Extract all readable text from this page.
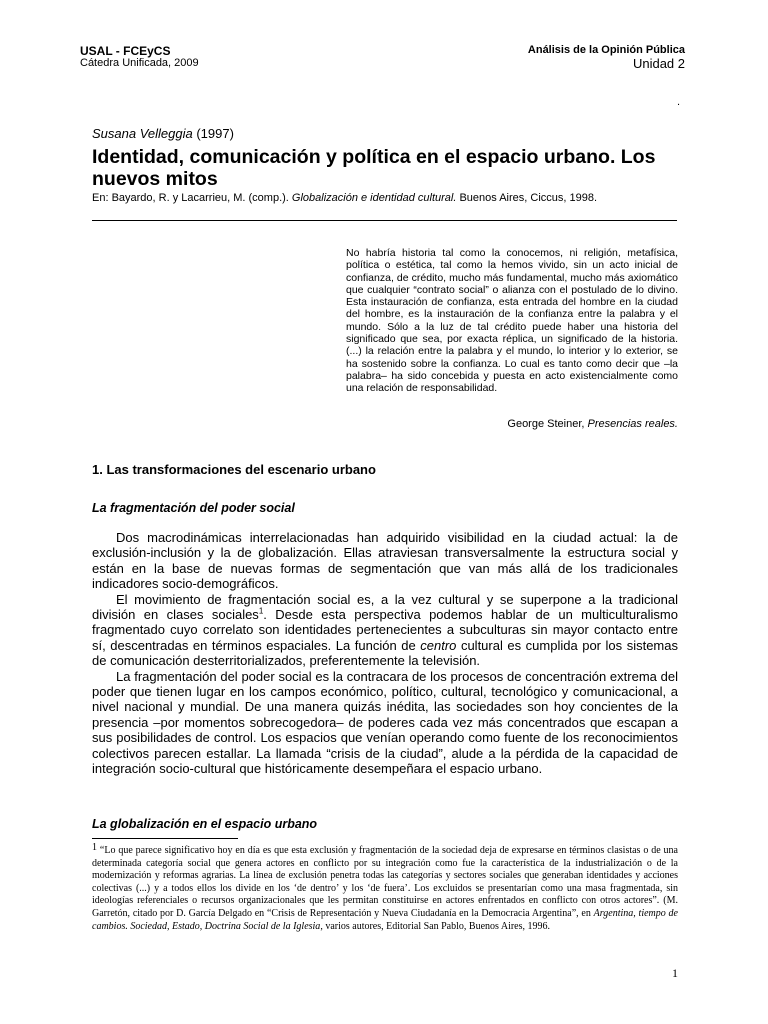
USAL - FCEyCS
Cátedra Unificada, 2009
Análisis de la Opinión Pública
Unidad 2
.
Susana Velleggia (1997)
Identidad, comunicación y política en el espacio urbano. Los nuevos mitos
En: Bayardo, R. y Lacarrieu, M. (comp.). Globalización e identidad cultural. Buenos Aires, Ciccus, 1998.
No habría historia tal como la conocemos, ni religión, metafísica, política o estética, tal como la hemos vivido, sin un acto inicial de confianza, de crédito, mucho más fundamental, mucho más axiomático que cualquier “contrato social” o alianza con el postulado de lo divino. Esta instauración de confianza, esta entrada del hombre en la ciudad del hombre, es la instauración de la confianza entre la palabra y el mundo. Sólo a la luz de tal crédito puede haber una historia del significado que sea, por exacta réplica, un significado de la historia. (...) la relación entre la palabra y el mundo, lo interior y lo exterior, se ha sostenido sobre la confianza. Lo cual es tanto como decir que –la palabra– ha sido concebida y puesta en acto existencialmente como una relación de responsabilidad.
George Steiner, Presencias reales.
1. Las transformaciones del escenario urbano
La fragmentación del poder social

Dos macrodinámicas interrelacionadas han adquirido visibilidad en la ciudad actual: la de exclusión-inclusión y la de globalización. Ellas atraviesan transversalmente la estructura social y están en la base de nuevas formas de segmentación que van más allá de los tradicionales indicadores socio-demográficos.

El movimiento de fragmentación social es, a la vez cultural y se superpone a la tradicional división en clases sociales$^1$. Desde esta perspectiva podemos hablar de un multiculturalismo fragmentado cuyo correlato son identidades pertenecientes a subculturas sin mayor contacto entre sí, descentradas en términos espaciales. La función de centro cultural es cumplida por los sistemas de comunicación desterritorializados, preferentemente la televisión.

La fragmentación del poder social es la contracara de los procesos de concentración extrema del poder que tienen lugar en los campos económico, político, cultural, tecnológico y comunicacional, a nivel nacional y mundial. De una manera quizás inédita, las sociedades son hoy concientes de la presencia –por momentos sobrecogedora– de poderes cada vez más concentrados que escapan a sus posibilidades de control. Los espacios que venían operando como fuente de los reconocimientos colectivos parecen estallar. La llamada “crisis de la ciudad”, alude a la pérdida de la capacidad de integración socio-cultural que históricamente desempeñara el espacio urbano.

La globalización en el espacio urbano
1 “Lo que parece significativo hoy en día es que esta exclusión y fragmentación de la sociedad deja de expresarse en términos clasistas o de una determinada categoría social que genera actores en conflicto por su integración como fue la característica de la industrialización o de la modernización y reformas agrarias. La línea de exclusión penetra todas las categorías y sectores sociales que generaban identidades y acciones colectivas (...) y a todos ellos los divide en los ‘de dentro’ y los ‘de fuera’. Los excluidos se presentarían como una masa fragmentada, sin ideologías referenciales o recursos organizacionales que les permitan constituirse en actores enfrentados en conflicto con otros actores”. (M. Garretón, citado por D. García Delgado en “Crisis de Representación y Nueva Ciudadanía en la Democracia Argentina”, en Argentina, tiempo de cambios. Sociedad, Estado, Doctrina Social de la Iglesia, varios autores, Editorial San Pablo, Buenos Aires, 1996.
1
